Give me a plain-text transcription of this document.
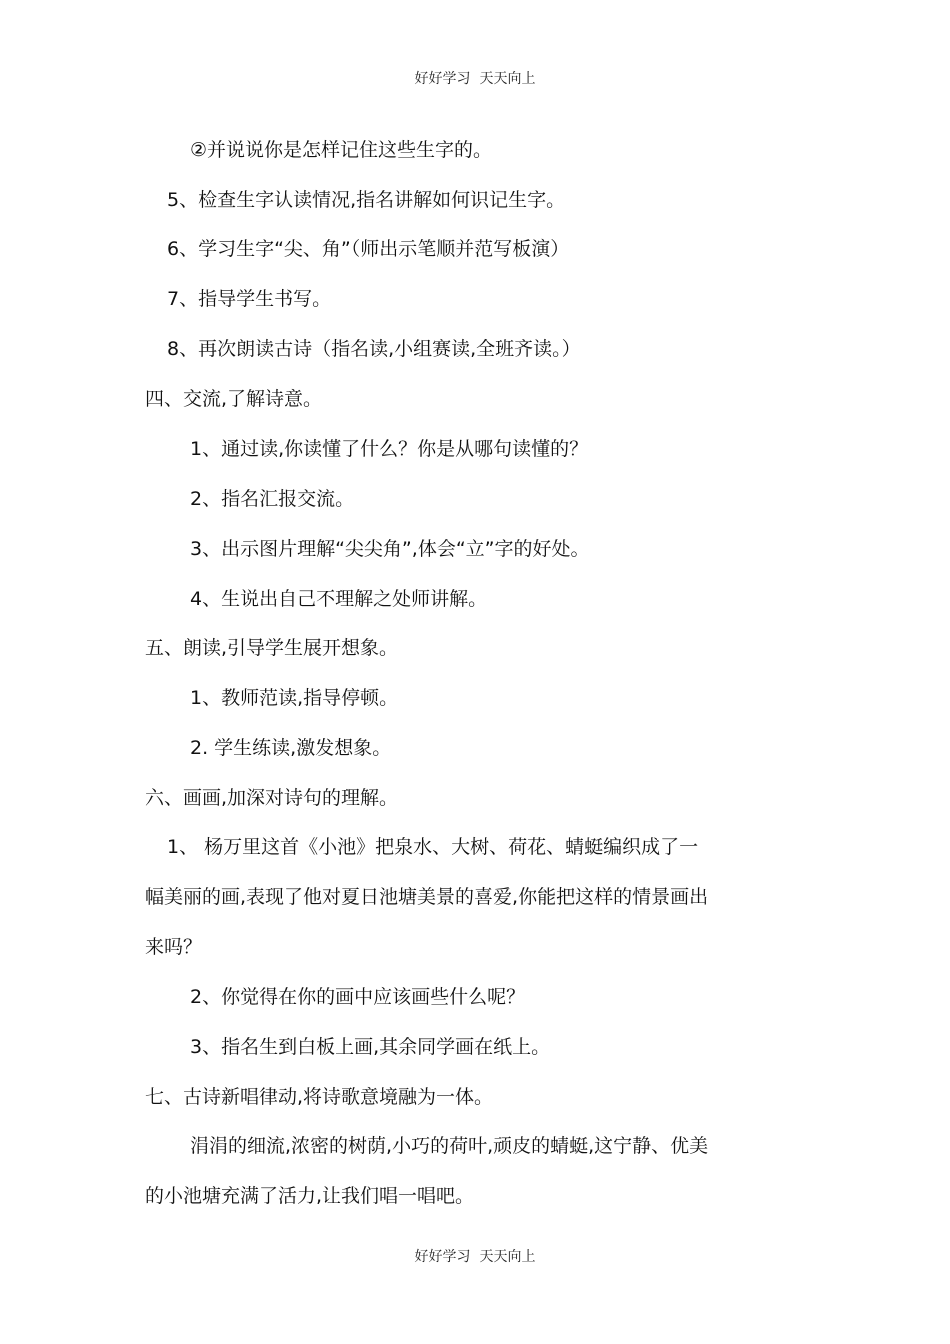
好好学习  天天向上
②并说说你是怎样记住这些生字的。
5、检查生字认读情况,指名讲解如何识记生字。
6、学习生字“尖、角”（师出示笔顺并范写板演）
7、指导学生书写。
8、再次朗读古诗（指名读,小组赛读,全班齐读。）
四、交流,了解诗意。
1、通过读,你读懂了什么？你是从哪句读懂的？
2、指名汇报交流。
3、出示图片理解“尖尖角”,体会“立”字的好处。
4、生说出自己不理解之处师讲解。
五、朗读,引导学生展开想象。
1、教师范读,指导停顿。
2. 学生练读,激发想象。
六、画画,加深对诗句的理解。
1、 杨万里这首《小池》把泉水、大树、荷花、蜻蜓编织成了一
幅美丽的画,表现了他对夏日池塘美景的喜爱,你能把这样的情景画出
来吗？
2、你觉得在你的画中应该画些什么呢？
3、指名生到白板上画,其余同学画在纸上。
七、古诗新唱律动,将诗歌意境融为一体。
涓涓的细流,浓密的树荫,小巧的荷叶,顽皮的蜻蜓,这宁静、优美
的小池塘充满了活力,让我们唱一唱吧。
好好学习  天天向上
